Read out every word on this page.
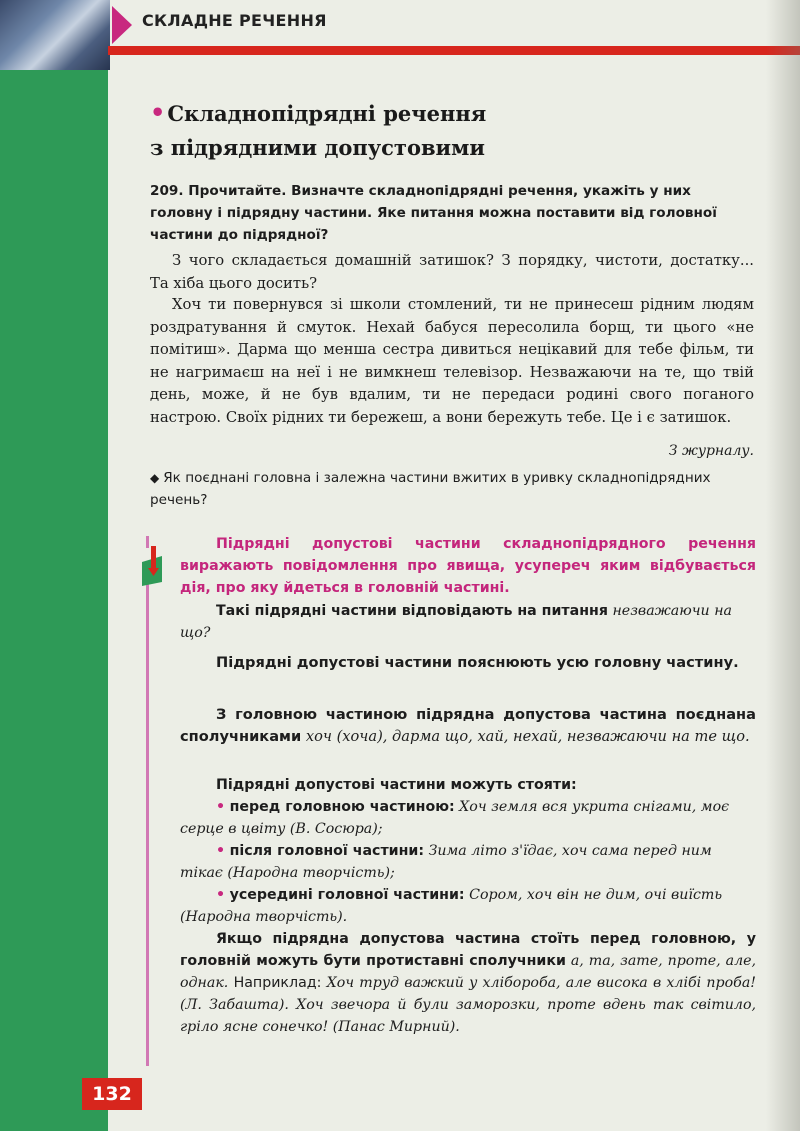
СКЛАДНЕ РЕЧЕННЯ
•Складнопідрядні речення
з підрядними допустовими
209. Прочитайте. Визначте складнопідрядні речення, укажіть у них головну і підрядну частини. Яке питання можна поставити від головної частини до підрядної?
З чого складається домашній затишок? З порядку, чистоти, достатку... Та хіба цього досить?
Хоч ти повернувся зі школи стомлений, ти не принесеш рідним людям роздратування й смуток. Нехай бабуся пересолила борщ, ти цього «не помітиш». Дарма що менша сестра дивиться нецікавий для тебе фільм, ти не нагримаєш на неї і не вимкнеш телевізор. Незважаючи на те, що твій день, може, й не був вдалим, ти не передаси родині свого поганого настрою. Своїх рідних ти бережеш, а вони бережуть тебе. Це і є затишок.
З журналу.
◆ Як поєднані головна і залежна частини вжитих в уривку складнопідрядних речень?
Підрядні допустові частини складнопідрядного речення виражають повідомлення про явища, усупереч яким відбувається дія, про яку йдеться в головній частині.
Такі підрядні частини відповідають на питання незважаючи на що?
Підрядні допустові частини пояснюють усю головну частину.
З головною частиною підрядна допустова частина поєднана сполучниками хоч (хоча), дарма що, хай, нехай, незважаючи на те що.
Підрядні допустові частини можуть стояти:
• перед головною частиною: Хоч земля вся укрита снігами, моє серце в цвіту (В. Сосюра);
• після головної частини: Зима літо з'їдає, хоч сама перед ним тікає (Народна творчість);
• усередині головної частини: Сором, хоч він не дим, очі виїсть (Народна творчість).
Якщо підрядна допустова частина стоїть перед головною, у головній можуть бути протиставні сполучники а, та, зате, проте, але, однак. Наприклад: Хоч труд важкий у хлібороба, але висока в хлібі проба! (Л. Забашта). Хоч звечора й були заморозки, проте вдень так світило, гріло ясне сонечко! (Панас Мирний).
132
